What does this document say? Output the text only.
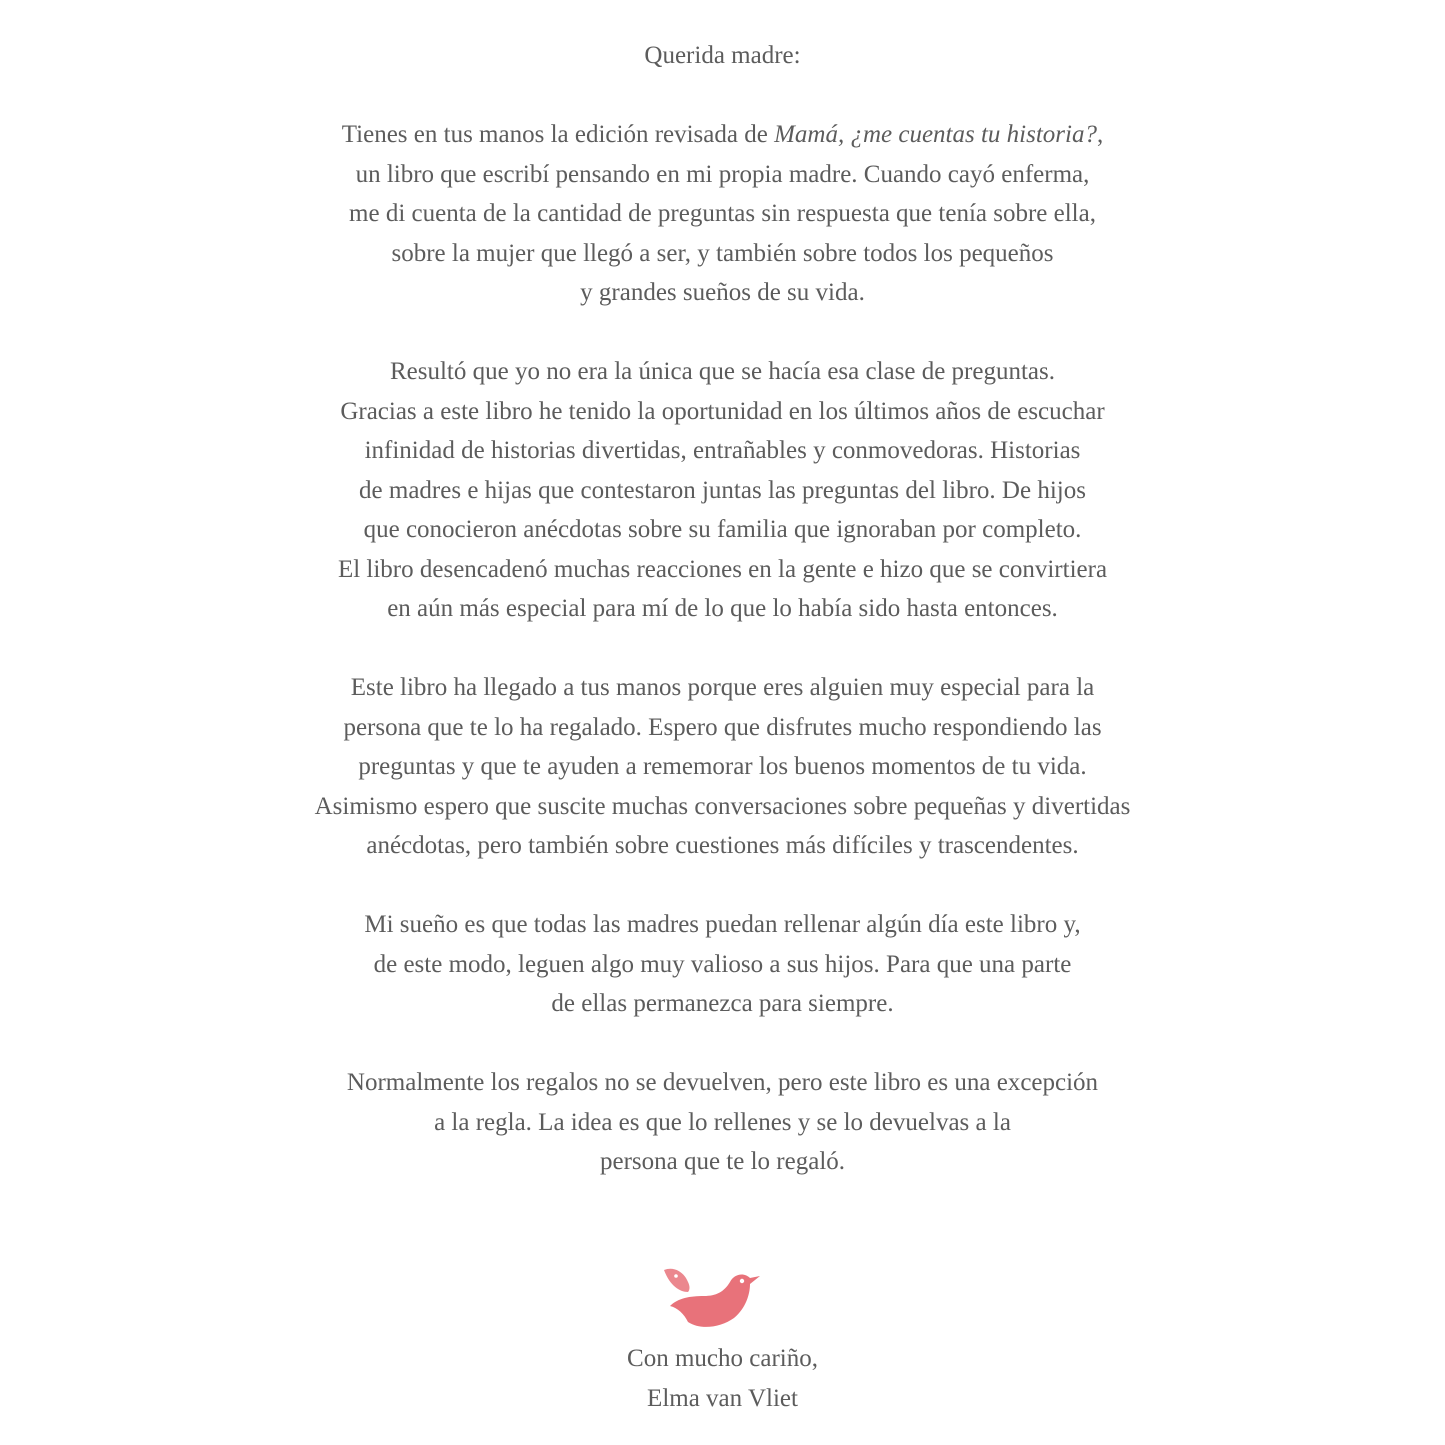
Querida madre:
Tienes en tus manos la edición revisada de Mamá, ¿me cuentas tu historia?,
un libro que escribí pensando en mi propia madre. Cuando cayó enferma,
me di cuenta de la cantidad de preguntas sin respuesta que tenía sobre ella,
sobre la mujer que llegó a ser, y también sobre todos los pequeños
y grandes sueños de su vida.
Resultó que yo no era la única que se hacía esa clase de preguntas.
Gracias a este libro he tenido la oportunidad en los últimos años de escuchar
infinidad de historias divertidas, entrañables y conmovedoras. Historias
de madres e hijas que contestaron juntas las preguntas del libro. De hijos
que conocieron anécdotas sobre su familia que ignoraban por completo.
El libro desencadenó muchas reacciones en la gente e hizo que se convirtiera
en aún más especial para mí de lo que lo había sido hasta entonces.
Este libro ha llegado a tus manos porque eres alguien muy especial para la
persona que te lo ha regalado. Espero que disfrutes mucho respondiendo las
preguntas y que te ayuden a rememorar los buenos momentos de tu vida.
Asimismo espero que suscite muchas conversaciones sobre pequeñas y divertidas
anécdotas, pero también sobre cuestiones más difíciles y trascendentes.
Mi sueño es que todas las madres puedan rellenar algún día este libro y,
de este modo, leguen algo muy valioso a sus hijos. Para que una parte
de ellas permanezca para siempre.
Normalmente los regalos no se devuelven, pero este libro es una excepción
a la regla. La idea es que lo rellenes y se lo devuelvas a la
persona que te lo regaló.
Con mucho cariño,
Elma van Vliet
